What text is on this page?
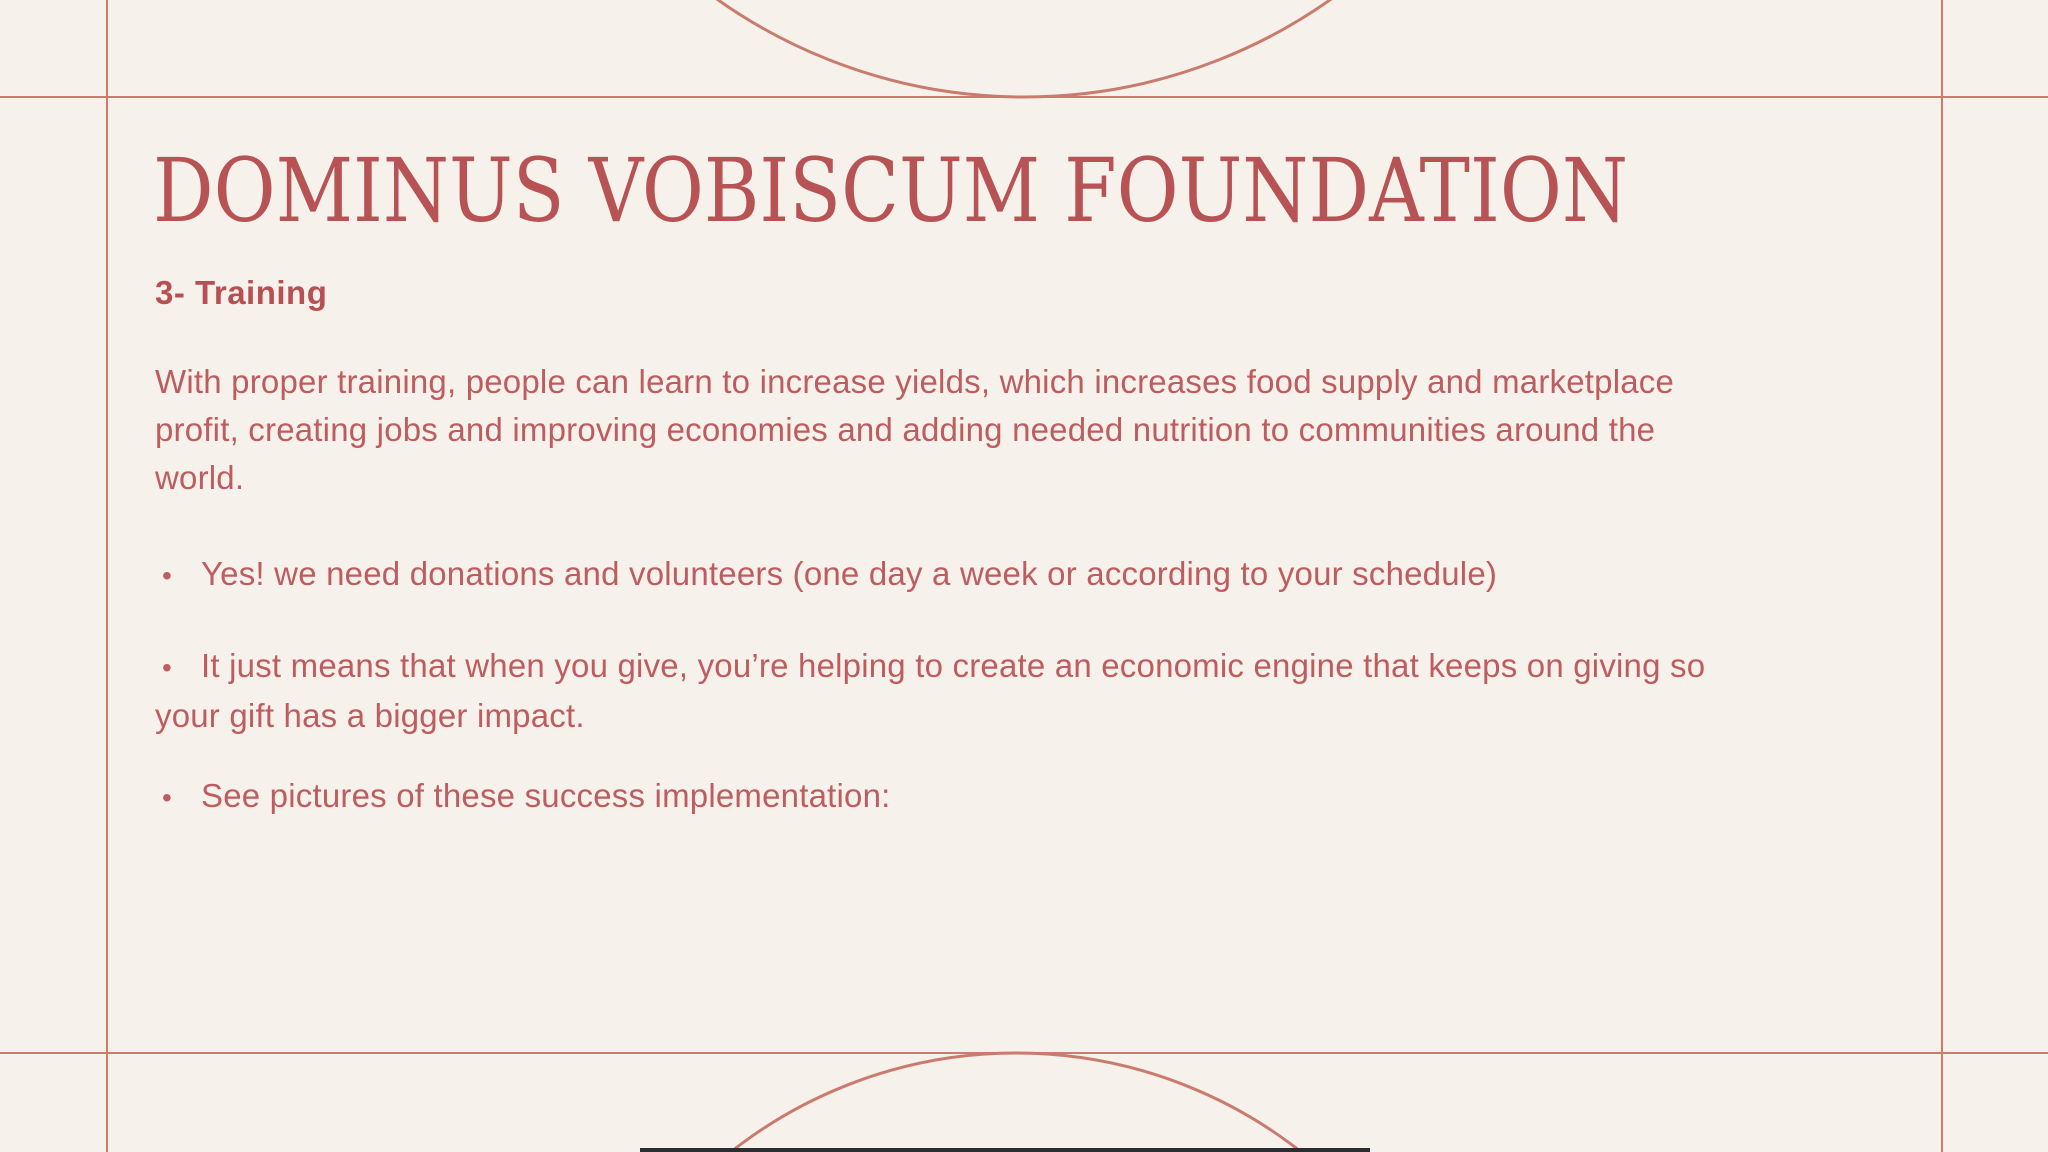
DOMINUS VOBISCUM FOUNDATION
3- Training
With proper training, people can learn to increase yields, which increases food supply and marketplace
profit, creating jobs and improving economies and adding needed nutrition to communities around the
world.
• Yes! we need donations and volunteers (one day a week or according to your schedule)
• It just means that when you give, you’re helping to create an economic engine that keeps on giving so
your gift has a bigger impact.
• See pictures of these success implementation:
